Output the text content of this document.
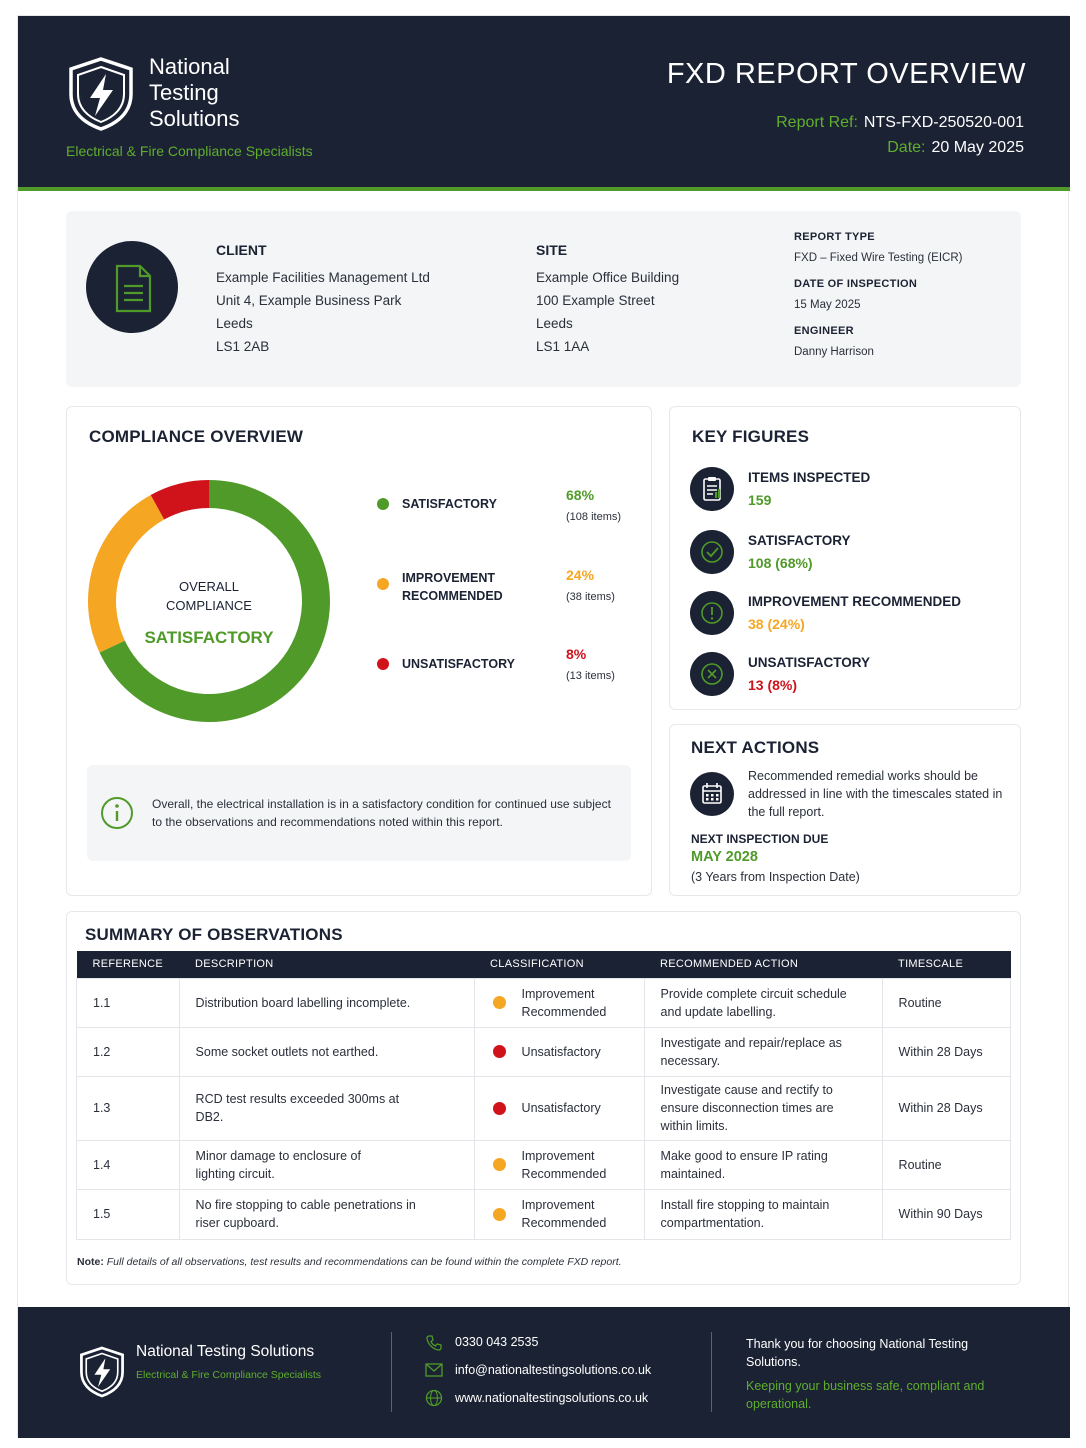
National
Testing
Solutions
Electrical & Fire Compliance Specialists
FXD REPORT OVERVIEW
Report Ref: NTS-FXD-250520-001
Date: 20 May 2025
CLIENT
Example Facilities Management Ltd
Unit 4, Example Business Park
Leeds
LS1 2AB
SITE
Example Office Building
100 Example Street
Leeds
LS1 1AA
REPORT TYPE
FXD – Fixed Wire Testing (EICR)
DATE OF INSPECTION
15 May 2025
ENGINEER
Danny Harrison
COMPLIANCE OVERVIEW
OVERALL
COMPLIANCE
SATISFACTORY
SATISFACTORY
68%
(108 items)
IMPROVEMENT RECOMMENDED
24%
(38 items)
UNSATISFACTORY
8%
(13 items)
Overall, the electrical installation is in a satisfactory condition for continued use subject to the observations and recommendations noted within this report.
KEY FIGURES
ITEMS INSPECTED
159
SATISFACTORY
108 (68%)
IMPROVEMENT RECOMMENDED
38 (24%)
UNSATISFACTORY
13 (8%)
NEXT ACTIONS
Recommended remedial works should be addressed in line with the timescales stated in the full report.
NEXT INSPECTION DUE
MAY 2028
(3 Years from Inspection Date)
SUMMARY OF OBSERVATIONS
REFERENCE	DESCRIPTION	CLASSIFICATION	RECOMMENDED ACTION	TIMESCALE
1.1	Distribution board labelling incomplete.	Improvement Recommended	Provide complete circuit schedule and update labelling.	Routine
1.2	Some socket outlets not earthed.	Unsatisfactory	Investigate and repair/replace as necessary.	Within 28 Days
1.3	RCD test results exceeded 300ms at DB2.	Unsatisfactory	Investigate cause and rectify to ensure disconnection times are within limits.	Within 28 Days
1.4	Minor damage to enclosure of lighting circuit.	Improvement Recommended	Make good to ensure IP rating maintained.	Routine
1.5	No fire stopping to cable penetrations in riser cupboard.	Improvement Recommended	Install fire stopping to maintain compartmentation.	Within 90 Days
Note: Full details of all observations, test results and recommendations can be found within the complete FXD report.
National Testing Solutions
Electrical & Fire Compliance Specialists
0330 043 2535
info@nationaltestingsolutions.co.uk
www.nationaltestingsolutions.co.uk
Thank you for choosing National Testing Solutions.
Keeping your business safe, compliant and operational.
